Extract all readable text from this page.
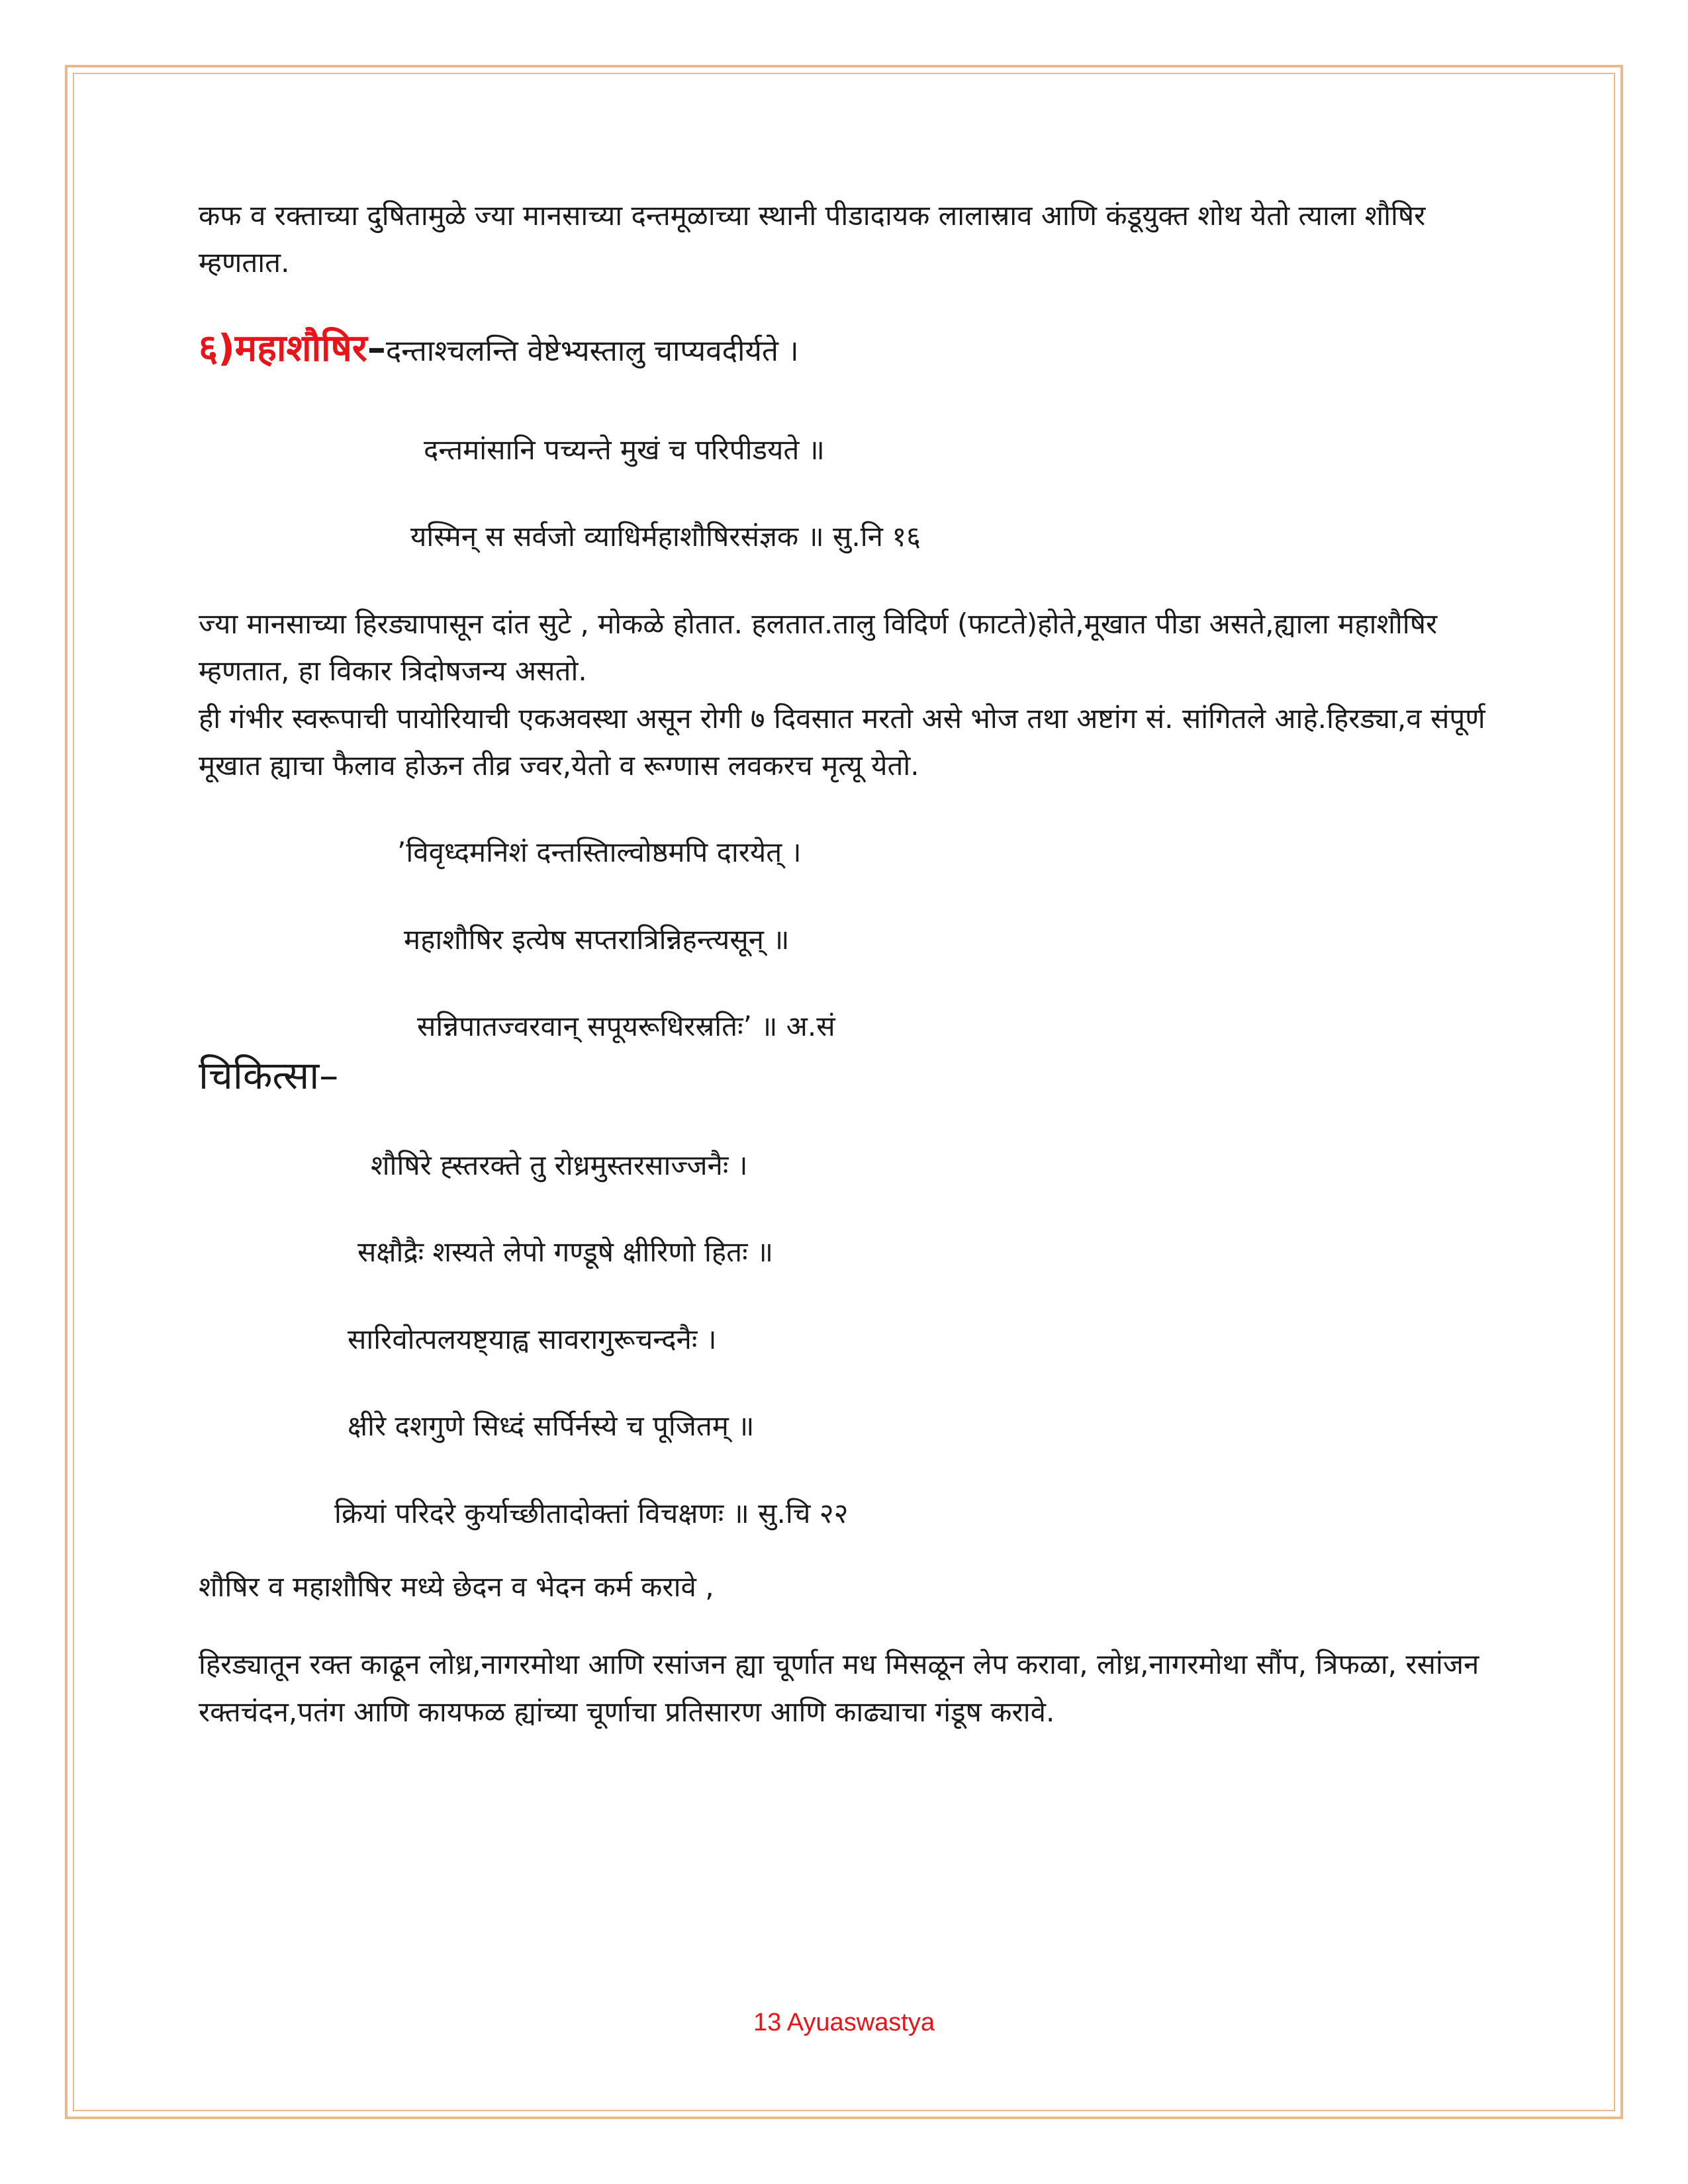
कफ व रक्ताच्या दुषितामुळे ज्या मानसाच्या दन्तमूळाच्या स्थानी पीडादायक लालास्राव आणि कंडूयुक्त शोथ येतो त्याला शौषिर म्हणतात.

६)महाशौषिर–दन्ताश्चलन्ति वेष्टेभ्यस्तालु चाप्यवदीर्यते ।

दन्तमांसानि पच्यन्ते मुखं च परिपीडयते ॥

यस्मिन् स सर्वजो व्याधिर्महाशौषिरसंज्ञक ॥ सु.नि १६

ज्या मानसाच्या हिरड्यापासून दांत सुटे , मोकळे होतात. हलतात.तालु विदिर्ण (फाटते)होते,मूखात पीडा असते,ह्याला महाशौषिर म्हणतात, हा विकार त्रिदोषजन्य असतो.

ही गंभीर स्वरूपाची पायोरियाची एकअवस्था असून रोगी ७ दिवसात मरतो असे भोज तथा अष्टांग सं. सांगितले आहे.हिरड्या,व संपूर्ण मूखात ह्याचा फैलाव होऊन तीव्र ज्वर,येतो व रूग्णास लवकरच मृत्यू येतो.

’विवृध्दमनिशं दन्तस्तिाल्वोष्ठमपि दारयेत् ।

महाशौषिर इत्येष सप्तरात्रिन्निहन्त्यसून् ॥

सन्निपातज्वरवान् सपूयरूधिरस्रतिः’ ॥ अ.सं

चिकित्सा–

शौषिरे ह्स्तरक्ते तु रोध्रमुस्तरसाज्जनैः ।

सक्षौद्रैः शस्यते लेपो गण्डूषे क्षीरिणो हितः ॥

सारिवोत्पलयष्ट्याह्व सावरागुरूचन्दनैः ।

क्षीरे दशगुणे सिध्दं सर्पिर्नस्ये च पूजितम् ॥

क्रियां परिदरे कुर्याच्छीतादोक्तां विचक्षणः ॥ सु.चि २२

शौषिर व महाशौषिर मध्ये छेदन व भेदन कर्म करावे ,

हिरड्यातून रक्त काढून लोध्र,नागरमोथा आणि रसांजन ह्या चूर्णात मध मिसळून लेप करावा, लोध्र,नागरमोथा सौंप, त्रिफळा, रसांजन रक्तचंदन,पतंग आणि कायफळ ह्यांच्या चूर्णाचा प्रतिसारण आणि काढ्याचा गंडूष करावे.

13 Ayuaswastya
